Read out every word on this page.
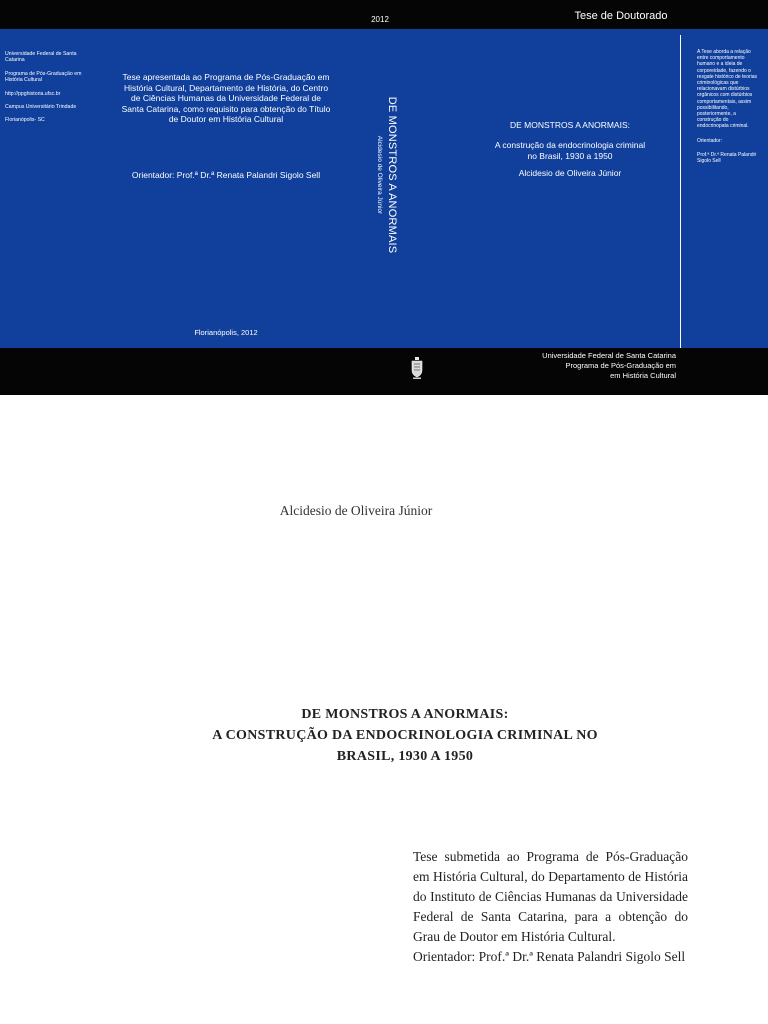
2012	Tese de Doutorado

Universidade Federal de Santa Catarina

Programa de Pós-Graduação em História Cultural

http://ppghistoria.ufsc.br

Campus Universitário Trindade

Florianópolis- SC

Tese apresentada ao Programa de Pós-Graduação em História Cultural, Departamento de História, do Centro de Ciências Humanas da Universidade Federal de Santa Catarina, como requisito para obtenção do Título de Doutor em História Cultural
Orientador: Prof.ª Dr.ª Renata Palandri Sigolo Sell
Florianópolis, 2012
DE MONSTROS A ANORMAIS
Alcidesio de Oliveira Júnior

DE MONSTROS A ANORMAIS:

A construção da endocrinologia criminal no Brasil, 1930 a 1950

Alcidesio de Oliveira Júnior

A Tese aborda a relação entre comportamento humano e a ideia de corporeidade, fazendo o resgate histórico de teorias criminológicas que relacionavam distúrbios orgânicos com distúrbios comportamentais, assim possibilitando, posteriormente, a construção do endocrinopata criminal.

Orientador:

Prof.ª Dr.ª Renata Palandri Sigolo Sell

Universidade Federal de Santa Catarina
Programa de Pós-Graduação em
em História Cultural
Alcidesio de Oliveira Júnior
DE MONSTROS A ANORMAIS:
A CONSTRUÇÃO DA ENDOCRINOLOGIA CRIMINAL NO
BRASIL, 1930 A 1950

Tese submetida ao Programa de Pós-Graduação em História Cultural, do Departamento de História do Instituto de Ciências Humanas da Universidade Federal de Santa Catarina, para a obtenção do Grau de Doutor em História Cultural.

Orientador: Prof.ª Dr.ª Renata Palandri Sigolo Sell
